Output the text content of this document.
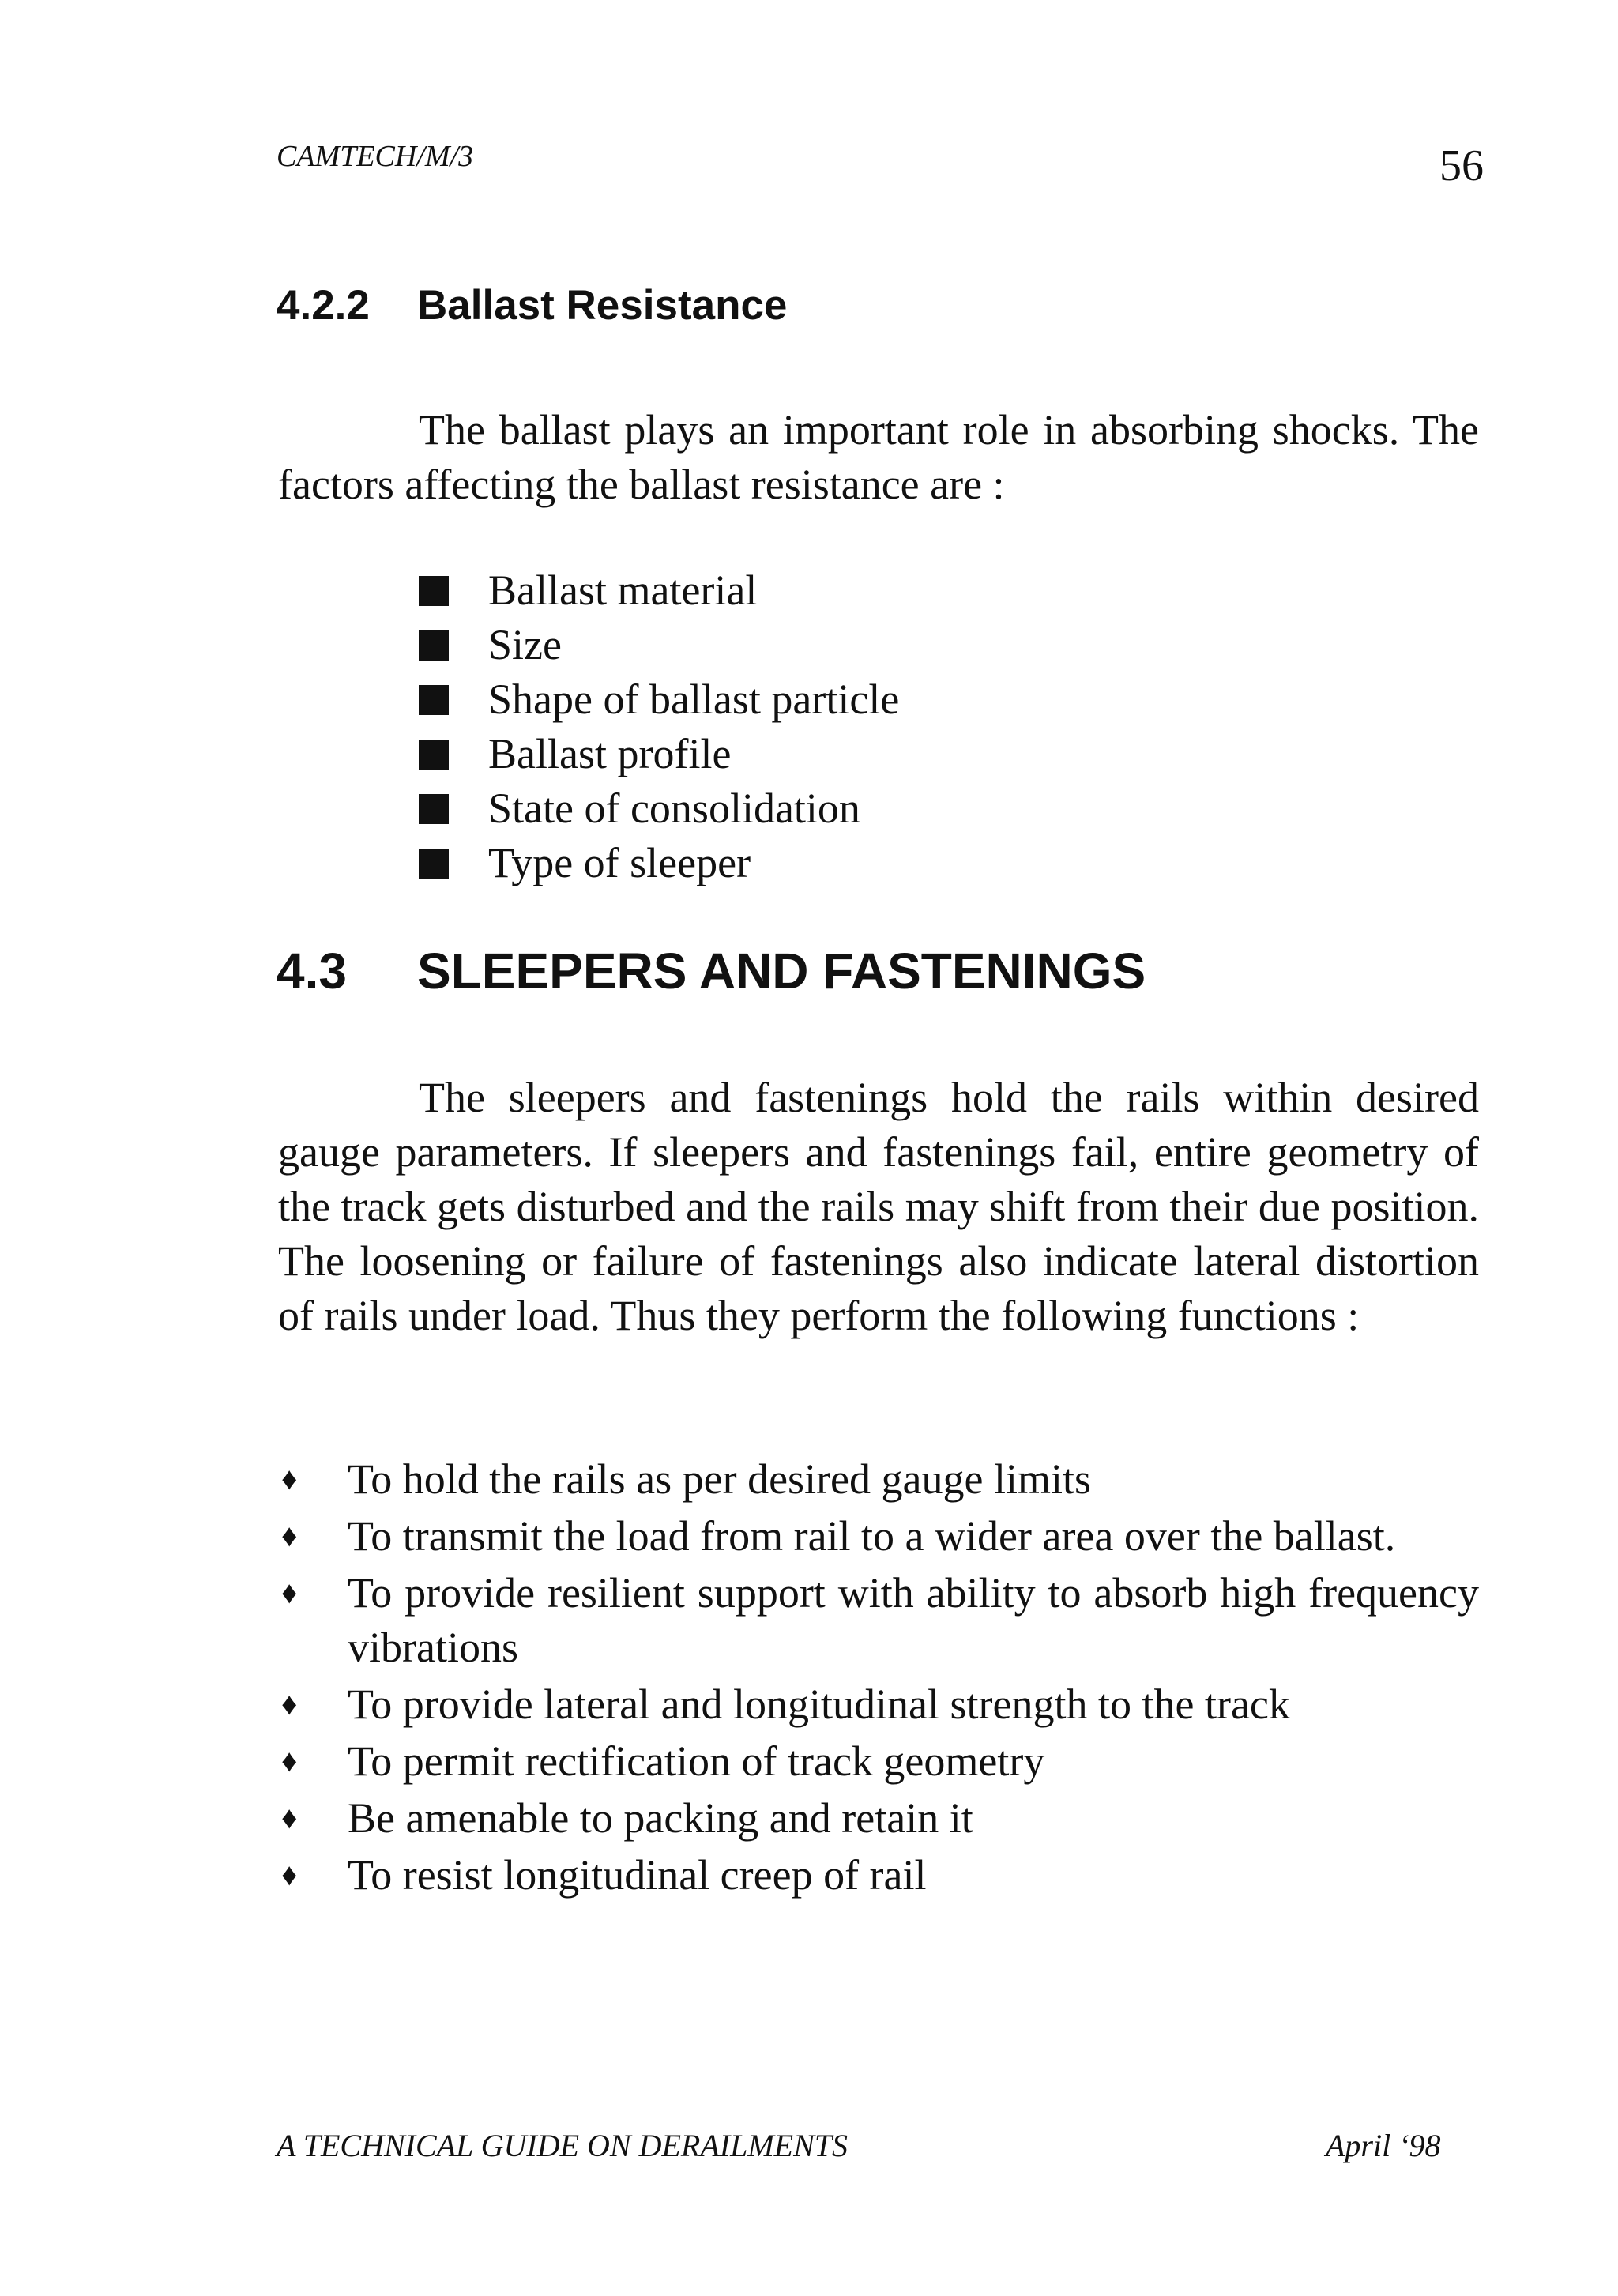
CAMTECH/M/3	56
4.2.2 Ballast Resistance

The ballast plays an important role in absorbing shocks. The factors affecting the ballast resistance are :

Ballast material
Size
Shape of ballast particle
Ballast profile
State of consolidation
Type of sleeper
4.3 SLEEPERS AND FASTENINGS

The sleepers and fastenings hold the rails within desired gauge parameters. If sleepers and fastenings fail, entire geometry of the track gets disturbed and the rails may shift from their due position. The loosening or failure of fastenings also indicate lateral distortion of rails under load. Thus they perform the following functions :

♦ To hold the rails as per desired gauge limits
♦ To transmit the load from rail to a wider area over the ballast.
♦ To provide resilient support with ability to absorb high frequency vibrations
♦ To provide lateral and longitudinal strength to the track
♦ To permit rectification of track geometry
♦ Be amenable to packing and retain it
♦ To resist longitudinal creep of rail
A TECHNICAL GUIDE ON DERAILMENTS	April ‘98
